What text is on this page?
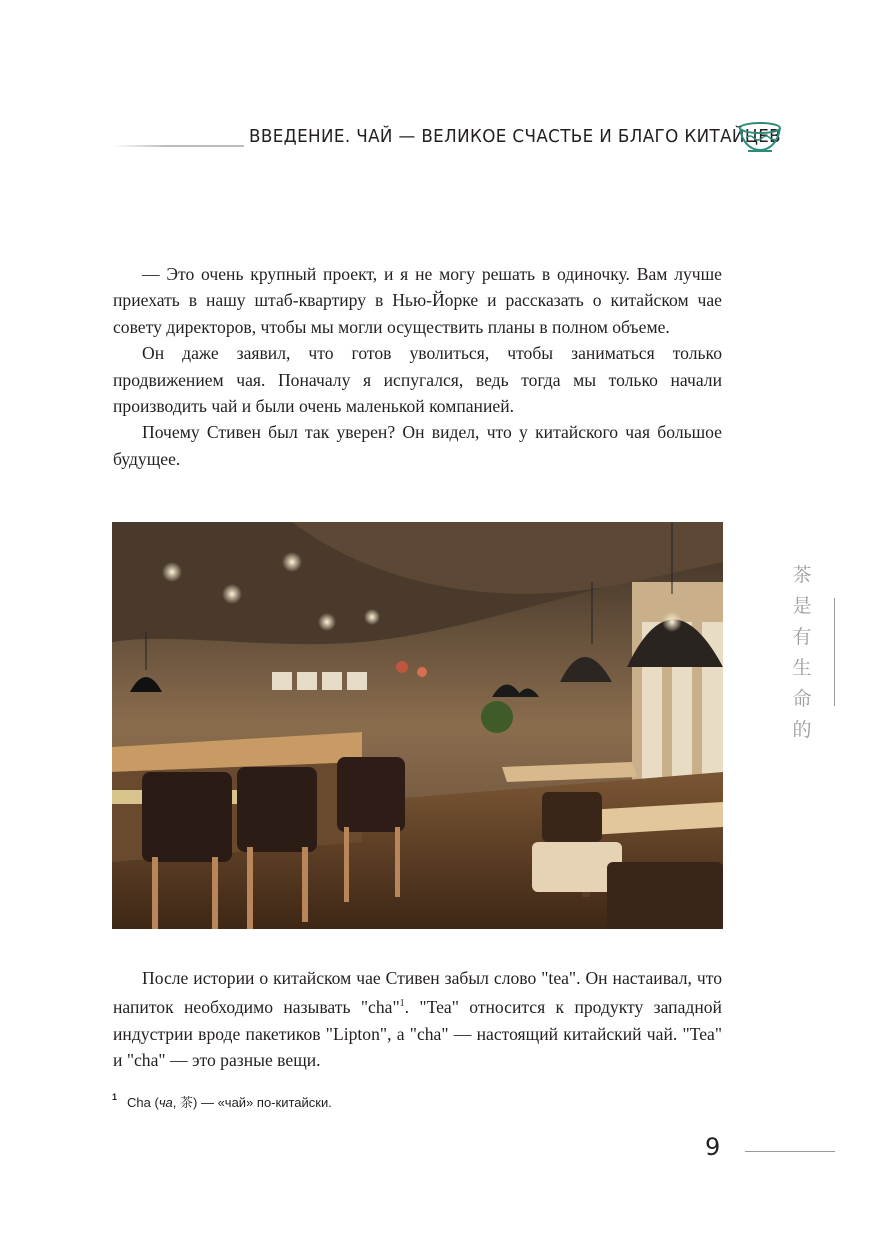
ВВЕДЕНИЕ. ЧАЙ — ВЕЛИКОЕ СЧАСТЬЕ И БЛАГО КИТАЙЦЕВ

— Это очень крупный проект, и я не могу решать в одиночку. Вам лучше приехать в нашу штаб-квартиру в Нью-Йорке и рассказать о китайском чае совету директоров, чтобы мы могли осуществить планы в полном объеме.

Он даже заявил, что готов уволиться, чтобы заниматься только продвижением чая. Поначалу я испугался, ведь тогда мы только начали производить чай и были очень маленькой компанией.

Почему Стивен был так уверен? Он видел, что у китайского чая большое будущее.

После истории о китайском чае Стивен забыл слово "tea". Он настаивал, что напиток необходимо называть "cha"$^1$. "Tea" относится к продукту западной индустрии вроде пакетиков "Lipton", а "cha" — настоящий китайский чай. "Tea" и "cha" — это разные вещи.

$^1$ Cha (ча, 茶) — «чай» по-китайски.
茶
是
有
生
命
的
9
